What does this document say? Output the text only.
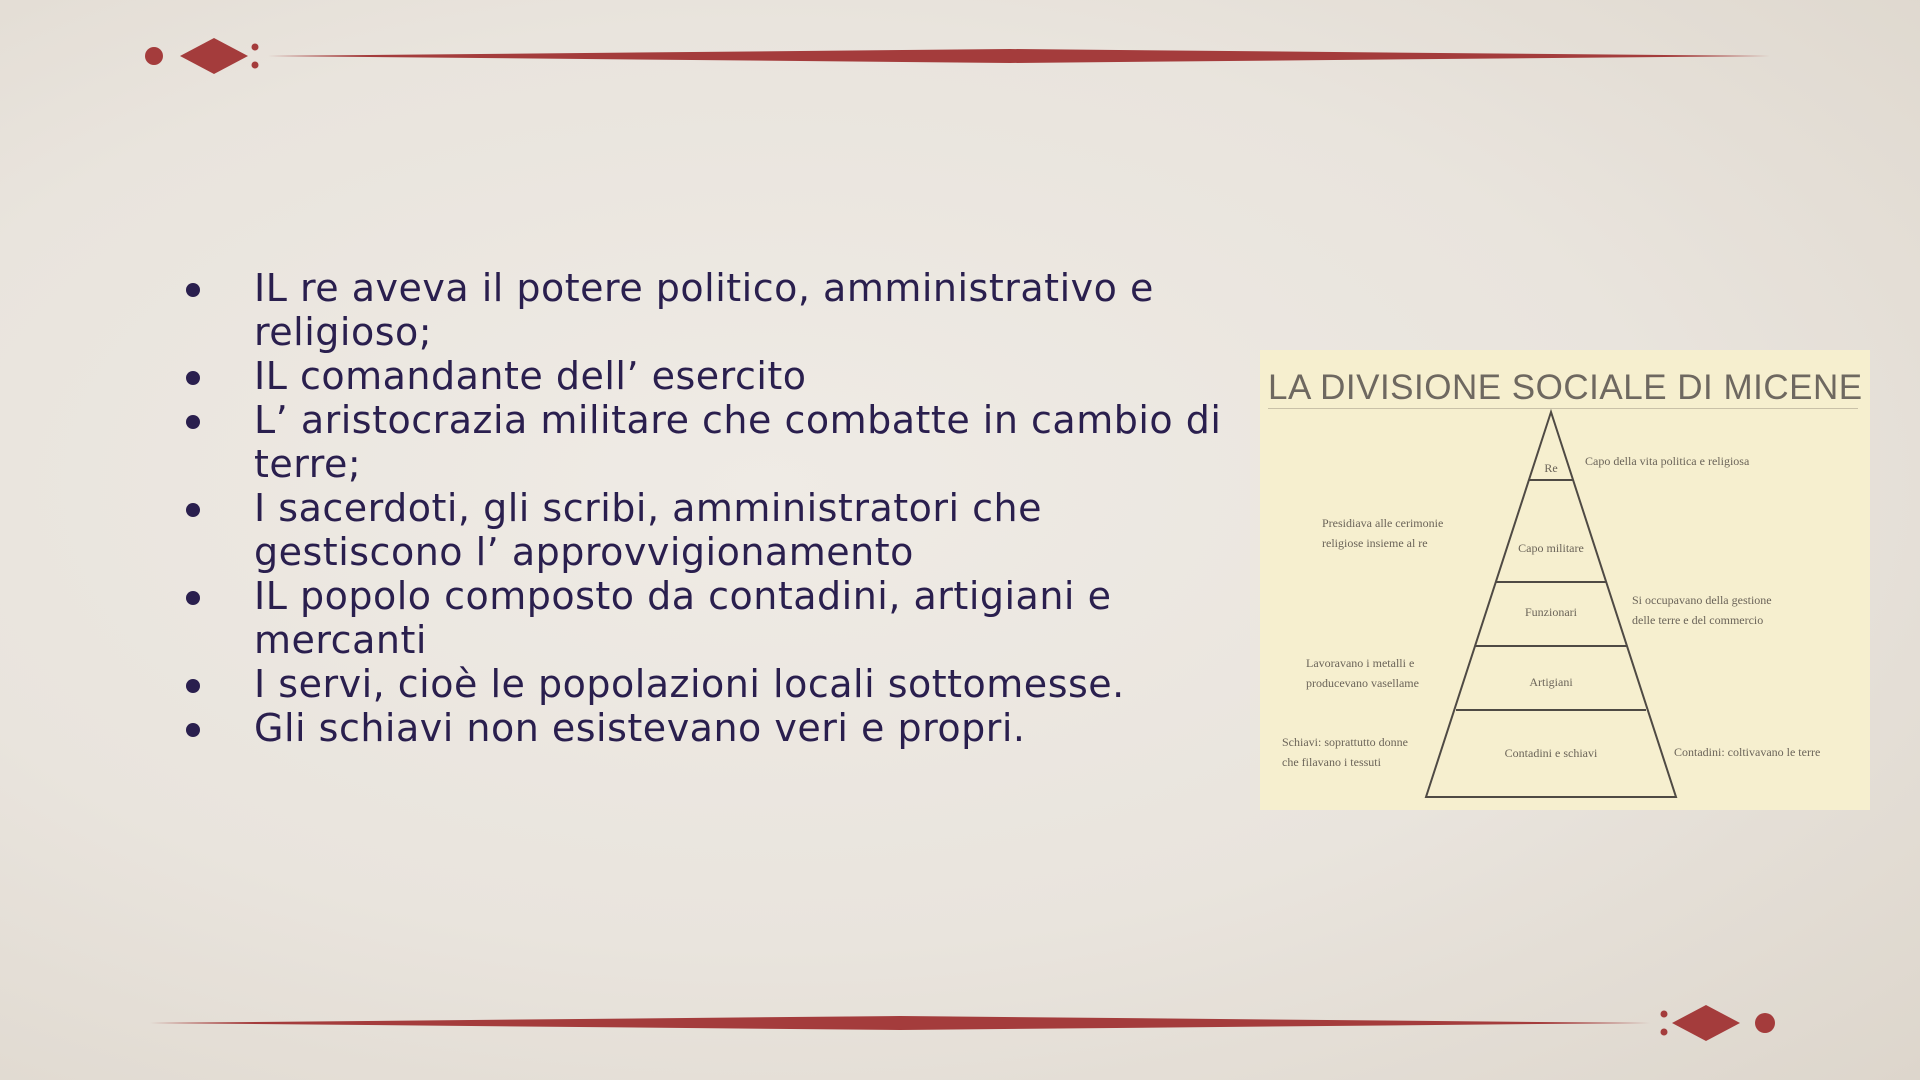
IL re aveva il potere politico, amministrativo e religioso;
IL comandante dell’ esercito
L’ aristocrazia militare che combatte in cambio di terre;
I sacerdoti, gli scribi, amministratori che gestiscono l’ approvvigionamento
IL popolo composto da contadini, artigiani e mercanti
I servi, cioè le popolazioni locali sottomesse.
Gli schiavi non esistevano veri e propri.
LA DIVISIONE SOCIALE DI MICENE
Re
Capo militare
Funzionari
Artigiani
Contadini e schiavi
Capo della vita politica e religiosa
Presidiava alle cerimonie
religiose insieme al re
Si occupavano della gestione
delle terre e del commercio
Lavoravano i metalli e
producevano vasellame
Schiavi: soprattutto donne
che filavano i tessuti
Contadini: coltivavano le terre
